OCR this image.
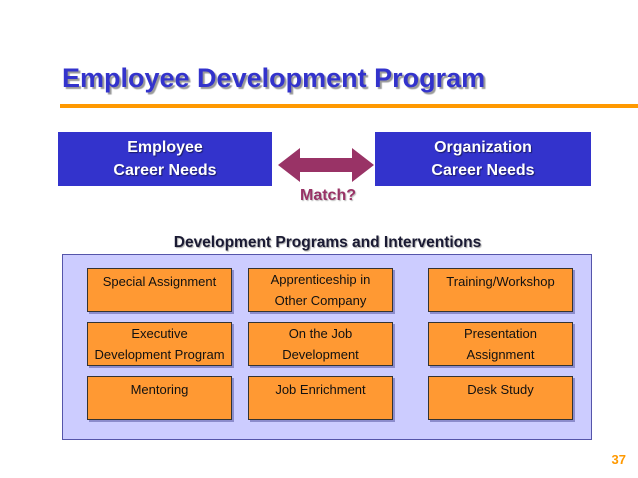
Employee Development Program
Employee
Career Needs
Organization
Career Needs
Match?
Development Programs and Interventions
Special Assignment	Apprenticeship in
Other Company
Training/Workshop
Executive
Development Program
On the Job
Development
Presentation
Assignment
Mentoring	Job Enrichment	Desk Study
37
